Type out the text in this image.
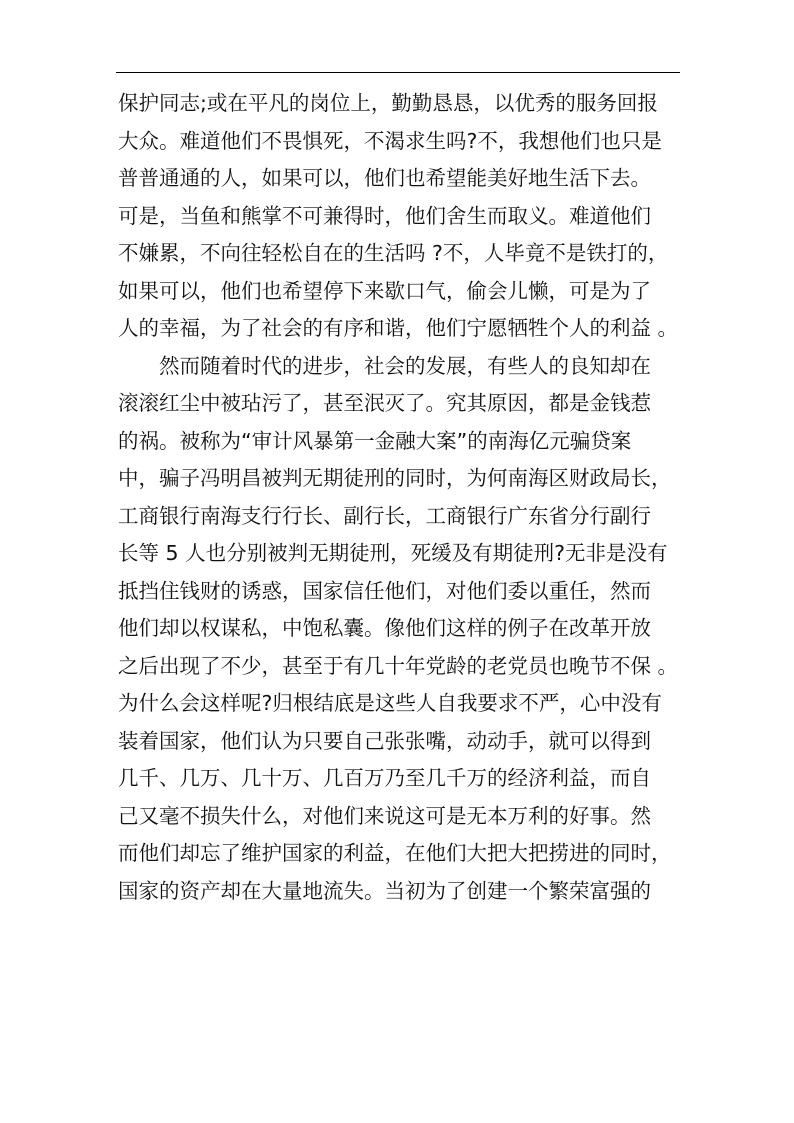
保护同志;或在平凡的岗位上，勤勤恳恳，以优秀的服务回报
大众。难道他们不畏惧死，不渴求生吗?不，我想他们也只是
普普通通的人，如果可以，他们也希望能美好地生活下去。
可是，当鱼和熊掌不可兼得时，他们舍生而取义。难道他们
不嫌累，不向往轻松自在的生活吗 ?不，人毕竟不是铁打的，
如果可以，他们也希望停下来歇口气，偷会儿懒，可是为了
人的幸福，为了社会的有序和谐，他们宁愿牺牲个人的利益 。
　　然而随着时代的进步，社会的发展，有些人的良知却在
滚滚红尘中被玷污了，甚至泯灭了。究其原因，都是金钱惹
的祸。被称为“审计风暴第一金融大案”的南海亿元骗贷案
中，骗子冯明昌被判无期徒刑的同时，为何南海区财政局长，
工商银行南海支行行长、副行长，工商银行广东省分行副行
长等 5 人也分别被判无期徒刑，死缓及有期徒刑?无非是没有
抵挡住钱财的诱惑，国家信任他们，对他们委以重任，然而
他们却以权谋私，中饱私囊。像他们这样的例子在改革开放
之后出现了不少，甚至于有几十年党龄的老党员也晚节不保 。
为什么会这样呢?归根结底是这些人自我要求不严，心中没有
装着国家，他们认为只要自己张张嘴，动动手，就可以得到
几千、几万、几十万、几百万乃至几千万的经济利益，而自
己又毫不损失什么，对他们来说这可是无本万利的好事。然
而他们却忘了维护国家的利益，在他们大把大把捞进的同时，
国家的资产却在大量地流失。当初为了创建一个繁荣富强的
